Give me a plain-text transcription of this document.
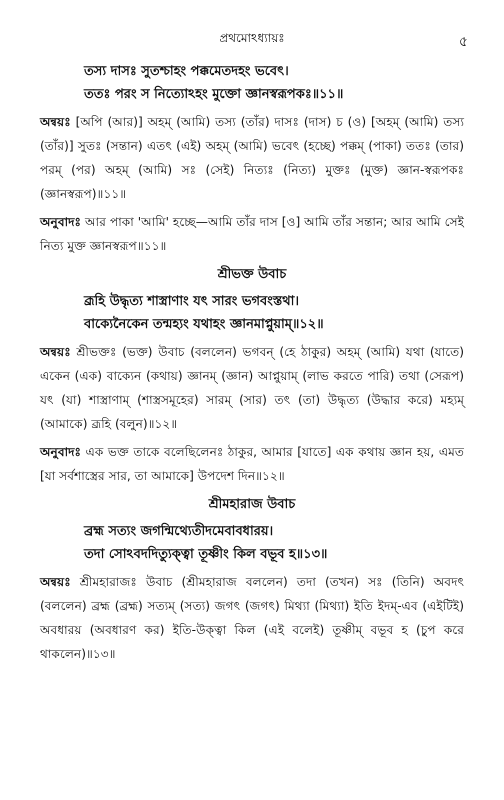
প্রথমোঽধ্যায়ঃ	৫

তস্য দাসঃ সুতশ্চাহং পক্কমেতদহং ভবেৎ।

ততঃ পরং স নিত্যোঽহং মুক্তো জ্ঞানস্বরূপকঃ॥১১॥

অন্বয়ঃ [অপি (আর)] অহম্ (আমি) তস্য (তাঁর) দাসঃ (দাস) চ (ও) [অহম্ (আমি) তস্য (তাঁর)] সুতঃ (সন্তান) এতৎ (এই) অহম্ (আমি) ভবেৎ (হচ্ছে) পক্কম্ (পাকা) ততঃ (তার) পরম্ (পর) অহম্ (আমি) সঃ (সেই) নিত্যঃ (নিত্য) মুক্তঃ (মুক্ত) জ্ঞান-স্বরূপকঃ (জ্ঞানস্বরূপ)॥১১॥

অনুবাদঃ আর পাকা 'আমি' হচ্ছে—আমি তাঁর দাস [ও] আমি তাঁর সন্তান; আর আমি সেই নিত্য মুক্ত জ্ঞানস্বরূপ॥১১॥

শ্রীভক্ত উবাচ

ব্রূহি উদ্ধৃত্য শাস্ত্রাণাং যৎ সারং ভগবংস্তথা।

বাক্যেনৈকেন তন্মহ্যং যথাহং জ্ঞানমাপ্নুয়াম্॥১২॥

অন্বয়ঃ শ্রীভক্তঃ (ভক্ত) উবাচ (বললেন) ভগবন্ (হে ঠাকুর) অহম্ (আমি) যথা (যাতে) একেন (এক) বাক্যেন (কথায়) জ্ঞানম্ (জ্ঞান) আপ্নুয়াম্ (লাভ করতে পারি) তথা (সেরূপ) যৎ (যা) শাস্ত্রাণাম্ (শাস্ত্রসমূহের) সারম্ (সার) তৎ (তা) উদ্ধৃত্য (উদ্ধার করে) মহ্যম্ (আমাকে) ব্রূহি (বলুন)॥১২॥

অনুবাদঃ এক ভক্ত তাকে বলেছিলেনঃ ঠাকুর, আমার [যাতে] এক কথায় জ্ঞান হয়, এমত [যা সর্বশাস্ত্রের সার, তা আমাকে] উপদেশ দিন॥১২॥

শ্রীমহারাজ উবাচ

ব্রহ্ম সত্যং জগন্মিথ্যেতীদমেবাবধারয়।

তদা সোঽবদদিত্যুক্ত্বা তূষ্ণীং কিল বভূব হ॥১৩॥

অন্বয়ঃ শ্রীমহারাজঃ উবাচ (শ্রীমহারাজ বললেন) তদা (তখন) সঃ (তিনি) অবদৎ (বললেন) ব্রহ্ম (ব্রহ্ম) সত্যম্ (সত্য) জগৎ (জগৎ) মিথ্যা (মিথ্যা) ইতি ইদম্-এব (এইটিই) অবধারয় (অবধারণ কর) ইতি-উক্ত্বা কিল (এই বলেই) তূষ্ণীম্ বভূব হ (চুপ করে থাকলেন)॥১৩॥
